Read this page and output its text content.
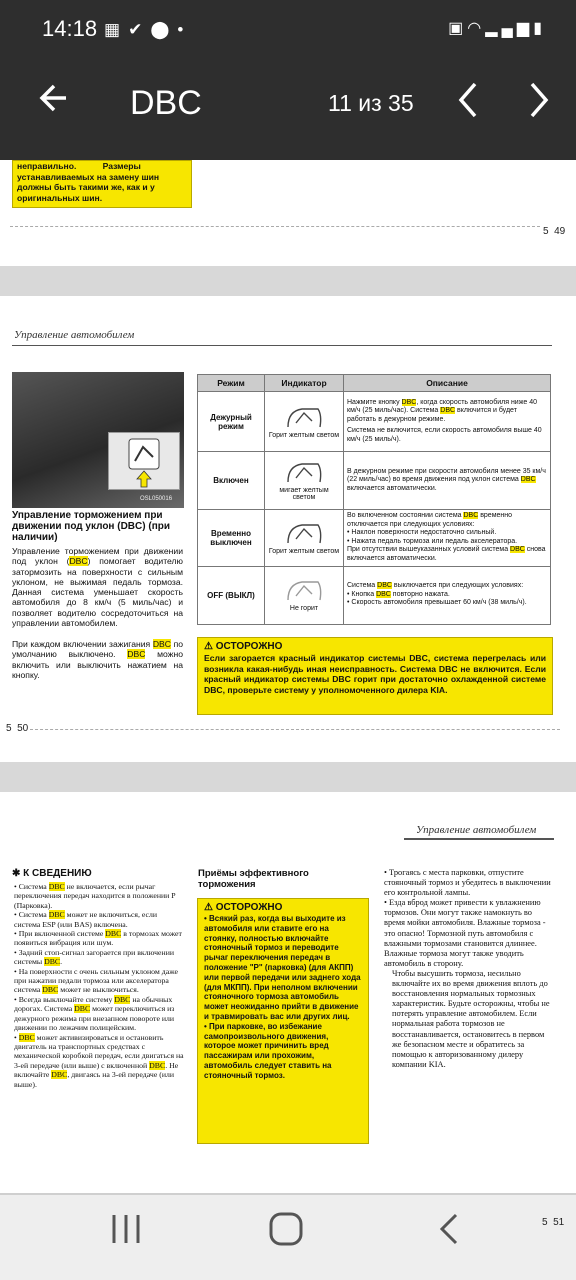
14:18 ▦✔⬤•	▣◠▂▄▆▮
DBC	11 из 35
неправильно.           Размеры
устанавливаемых на замену шин
должны быть такими же, как и у
оригинальных шин.
5  49
Управление автомобилем
OSL050016
Управление торможением при движении под уклон (DBC) (при наличии)
Управление торможением при движении под уклон (DBC) помогает водителю затормозить на поверхности с сильным уклоном, не выжимая педаль тормоза. Данная система уменьшает скорость автомобиля до 8 км/ч (5 миль/час) и позволяет водителю сосредоточиться на управлении автомобилем.
При каждом включении зажигания DBC по умолчанию выключено. DBC можно включить или выключить нажатием на кнопку.
Режим	Индикатор	Описание
Дежурный режим	Горит желтым светом	Нажмите кнопку DBC, когда скорость автомобиля ниже 40 км/ч (25 миль/час). Система DBC включится и будет работать в дежурном режиме.
Система не включится, если скорость автомобиля выше 40 км/ч (25 миль/ч).

Включен	мигает желтым светом	В дежурном режиме при скорости автомобиля менее 35 км/ч (22 миль/час) во время движения под уклон система DBC включается автоматически.

Временно выключен	Горит желтым светом	Во включенном состоянии система DBC временно отключается при следующих условиях:
• Наклон поверхности недостаточно сильный.
• Нажата педаль тормоза или педаль акселератора.
При отсутствии вышеуказанных условий система DBC снова включается автоматически.

OFF (ВЫКЛ)	Не горит	Система DBC выключается при следующих условиях:
• Кнопка DBC повторно нажата.
• Скорость автомобиля превышает 60 км/ч (38 миль/ч).
⚠ ОСТОРОЖНО
Если загорается красный индикатор системы DBC, система перегрелась или возникла какая-нибудь иная неисправность. Система DBC не включится. Если красный индикатор системы DBC горит при достаточно охлажденной системе DBC, проверьте систему у уполномоченного дилера KIA.
5  50
Управление автомобилем
✱ К СВЕДЕНИЮ

• Система DBC не включается, если рычаг переключения передач находится в положении P (Парковка).

• Система DBC может не включиться, если система ESP (или BAS) включена.

• При включенной системе DBC в тормозах может появиться вибрация или шум.

• Задний стоп-сигнал загорается при включении системы DBC.

• На поверхности с очень сильным уклоном даже при нажатии педали тормоза или акселератора система DBC может не выключиться.

• Всегда выключайте систему DBC на обычных дорогах. Система DBC может переключиться из дежурного режима при внезапном повороте или движении по лежачим полицейским.

• DBC может активизироваться и остановить двигатель на транспортных средствах с механической коробкой передач, если двигаться на 3-ей передаче (или выше) с включенной DBC. Не включайте DBC, двигаясь на 3-ей передаче (или выше).

Приёмы эффективного торможения
⚠ ОСТОРОЖНО
• Всякий раз, когда вы выходите из автомобиля или ставите его на стоянку, полностью включайте стояночный тормоз и переводите рычаг переключения передач в положение "P" (парковка) (для АКПП) или первой передачи или заднего хода (для МКПП). При неполном включении стояночного тормоза автомобиль может неожиданно прийти в движение и травмировать вас или других лиц.
• При парковке, во избежание самопроизвольного движения, которое может причинить вред пассажирам или прохожим, автомобиль следует ставить на стояночный тормоз.

• Трогаясь с места парковки, отпустите стояночный тормоз и убедитесь в выключении его контрольной лампы.

• Езда вброд может привести к увлажнению тормозов. Они могут также намокнуть во время мойки автомобиля. Влажные тормоза - это опасно! Тормозной путь автомобиля с влажными тормозами становится длиннее. Влажные тормоза могут также уводить автомобиль в сторону.

Чтобы высушить тормоза, несильно включайте их во время движения вплоть до восстановления нормальных тормозных характеристик. Будьте осторожны, чтобы не потерять управление автомобилем. Если нормальная работа тормозов не восстанавливается, остановитесь в первом же безопасном месте и обратитесь за помощью к авторизованному дилеру компании KIA.

5  51
